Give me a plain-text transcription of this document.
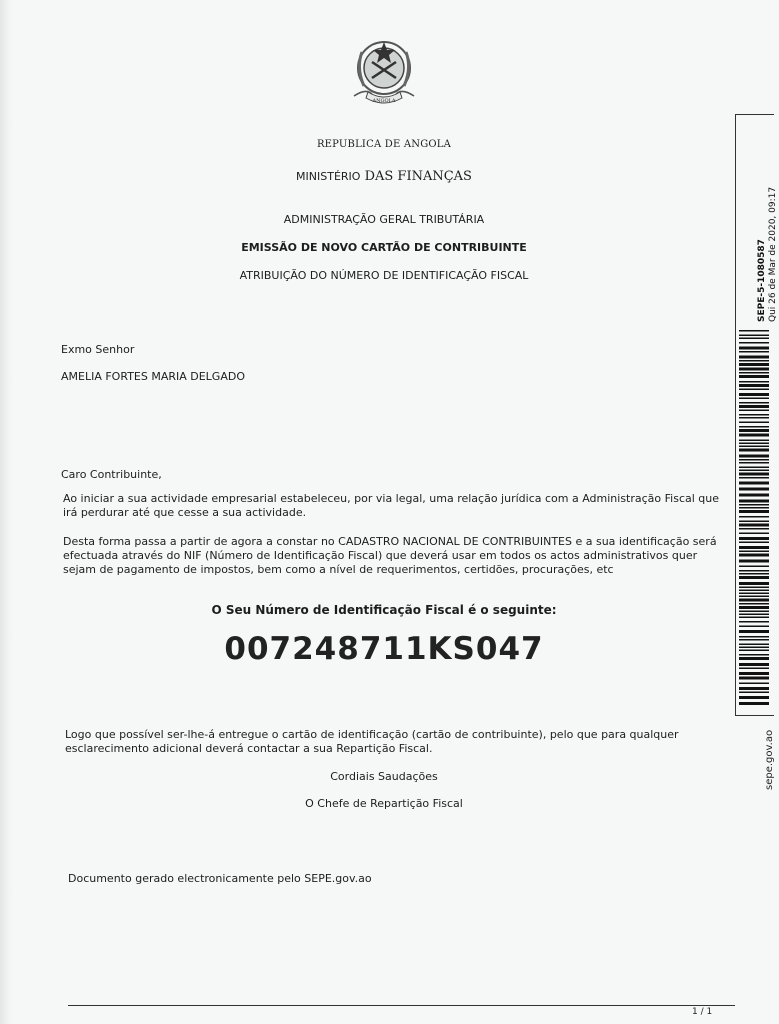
ANGOLA
REPUBLICA DE ANGOLA
MINISTÉRIO DAS FINANÇAS
ADMINISTRAÇÃO GERAL TRIBUTÁRIA
EMISSÃO DE NOVO CARTÃO DE CONTRIBUINTE
ATRIBUIÇÃO DO NÚMERO DE IDENTIFICAÇÃO FISCAL
Exmo Senhor
AMELIA FORTES MARIA DELGADO
Caro Contribuinte,
Ao iniciar a sua actividade empresarial estabeleceu, por via legal, uma relação jurídica com a Administração Fiscal que irá perdurar até que cesse a sua actividade.
Desta forma passa a partir de agora a constar no CADASTRO NACIONAL DE CONTRIBUINTES e a sua identificação será efectuada através do NIF (Número de Identificação Fiscal) que deverá usar em todos os actos administrativos quer sejam de pagamento de impostos, bem como a nível de requerimentos, certidões, procurações, etc
O Seu Número de Identificação Fiscal é o seguinte:
007248711KS047
Logo que possível ser-lhe-á entregue o cartão de identificação (cartão de contribuinte), pelo que para qualquer esclarecimento adicional deverá contactar a sua Repartição Fiscal.
Cordiais Saudações
O Chefe de Repartição Fiscal
Documento gerado electronicamente pelo SEPE.gov.ao
1 / 1
SEPE-5-1080587 Qui 26 de Mar de 2020, 09:17
sepe.gov.ao
